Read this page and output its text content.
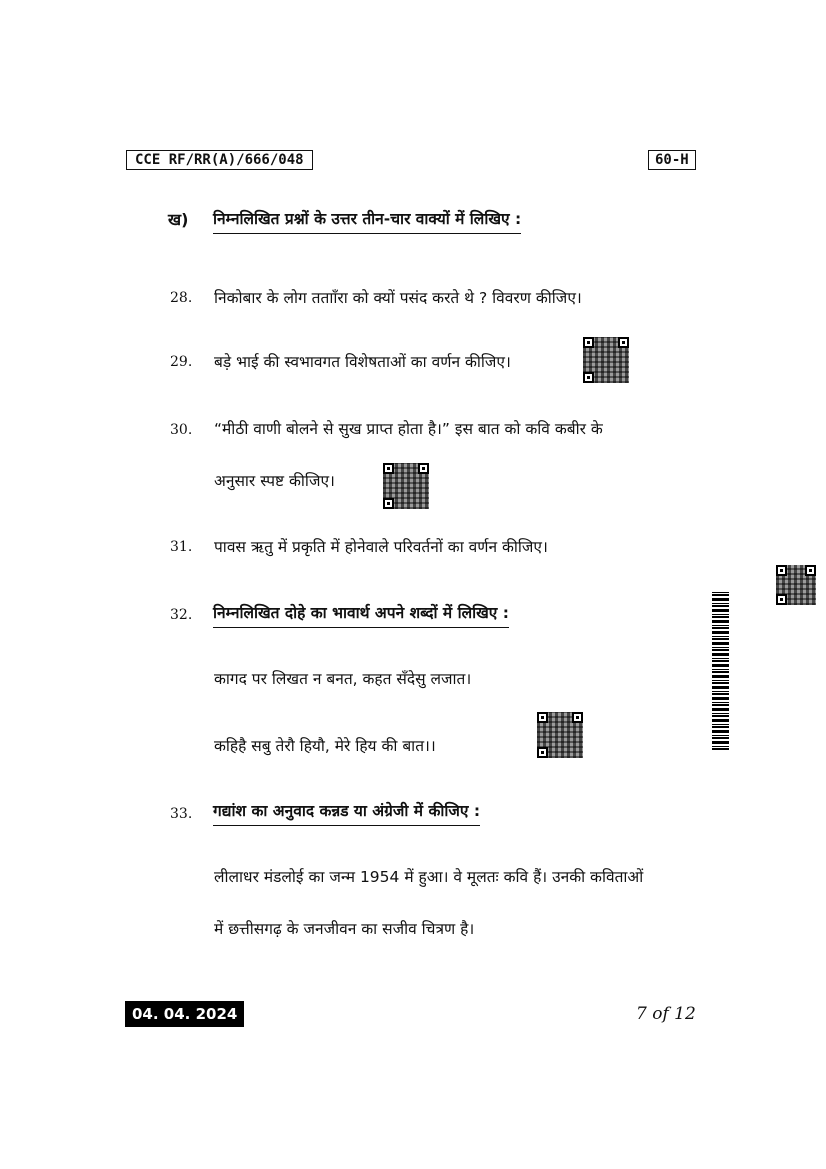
CCE RF/RR(A)/666/048	60-H
ख) निम्नलिखित प्रश्नों के उत्तर तीन-चार वाक्यों में लिखिए :
28. निकोबार के लोग ततााँरा को क्यों पसंद करते थे ? विवरण कीजिए।
29. बड़े भाई की स्वभावगत विशेषताओं का वर्णन कीजिए।
30. “मीठी वाणी बोलने से सुख प्राप्त होता है।” इस बात को कवि कबीर के
अनुसार स्पष्ट कीजिए।
31. पावस ऋतु में प्रकृति में होनेवाले परिवर्तनों का वर्णन कीजिए।
32. निम्नलिखित दोहे का भावार्थ अपने शब्दों में लिखिए :
कागद पर लिखत न बनत, कहत सँदेसु लजात।
कहिहै सबु तेरौ हियौ, मेरे हिय की बात।।
33. गद्यांश का अनुवाद कन्नड या अंग्रेजी में कीजिए :
लीलाधर मंडलोई का जन्म 1954 में हुआ। वे मूलतः कवि हैं। उनकी कविताओं
में छत्तीसगढ़ के जनजीवन का सजीव चित्रण है।
04. 04. 2024	7 of 12
